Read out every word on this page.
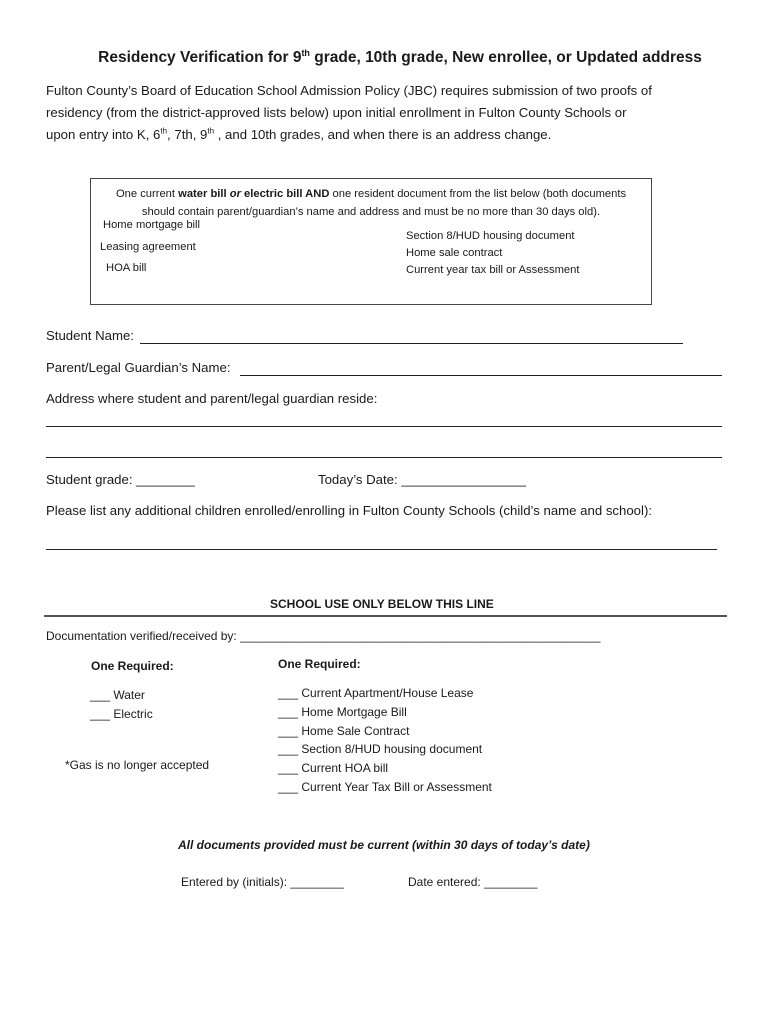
Residency Verification for 9th grade, 10th grade, New enrollee, or Updated address
Fulton County’s Board of Education School Admission Policy (JBC) requires submission of two proofs of
residency (from the district-approved lists below) upon initial enrollment in Fulton County Schools or
upon entry into K, 6th, 7th, 9th , and 10th grades, and when there is an address change.
One current water bill or electric bill AND one resident document from the list below (both documents
should contain parent/guardian’s name and address and must be no more than 30 days old).
Home mortgage bill
Leasing agreement
HOA bill
Section 8/HUD housing document
Home sale contract
Current year tax bill or Assessment
Student Name:
Parent/Legal Guardian’s Name:
Address where student and parent/legal guardian reside:
Student grade: ________	Today’s Date: _________________
Please list any additional children enrolled/enrolling in Fulton County Schools (child’s name and school):
SCHOOL USE ONLY BELOW THIS LINE
Documentation verified/received by: ______________________________________________________
One Required:
___ Water
___ Electric
*Gas is no longer accepted
One Required:
___ Current Apartment/House Lease
___ Home Mortgage Bill
___ Home Sale Contract
___ Section 8/HUD housing document
___ Current HOA bill
___ Current Year Tax Bill or Assessment
All documents provided must be current (within 30 days of today’s date)
Entered by (initials): ________	Date entered: ________
